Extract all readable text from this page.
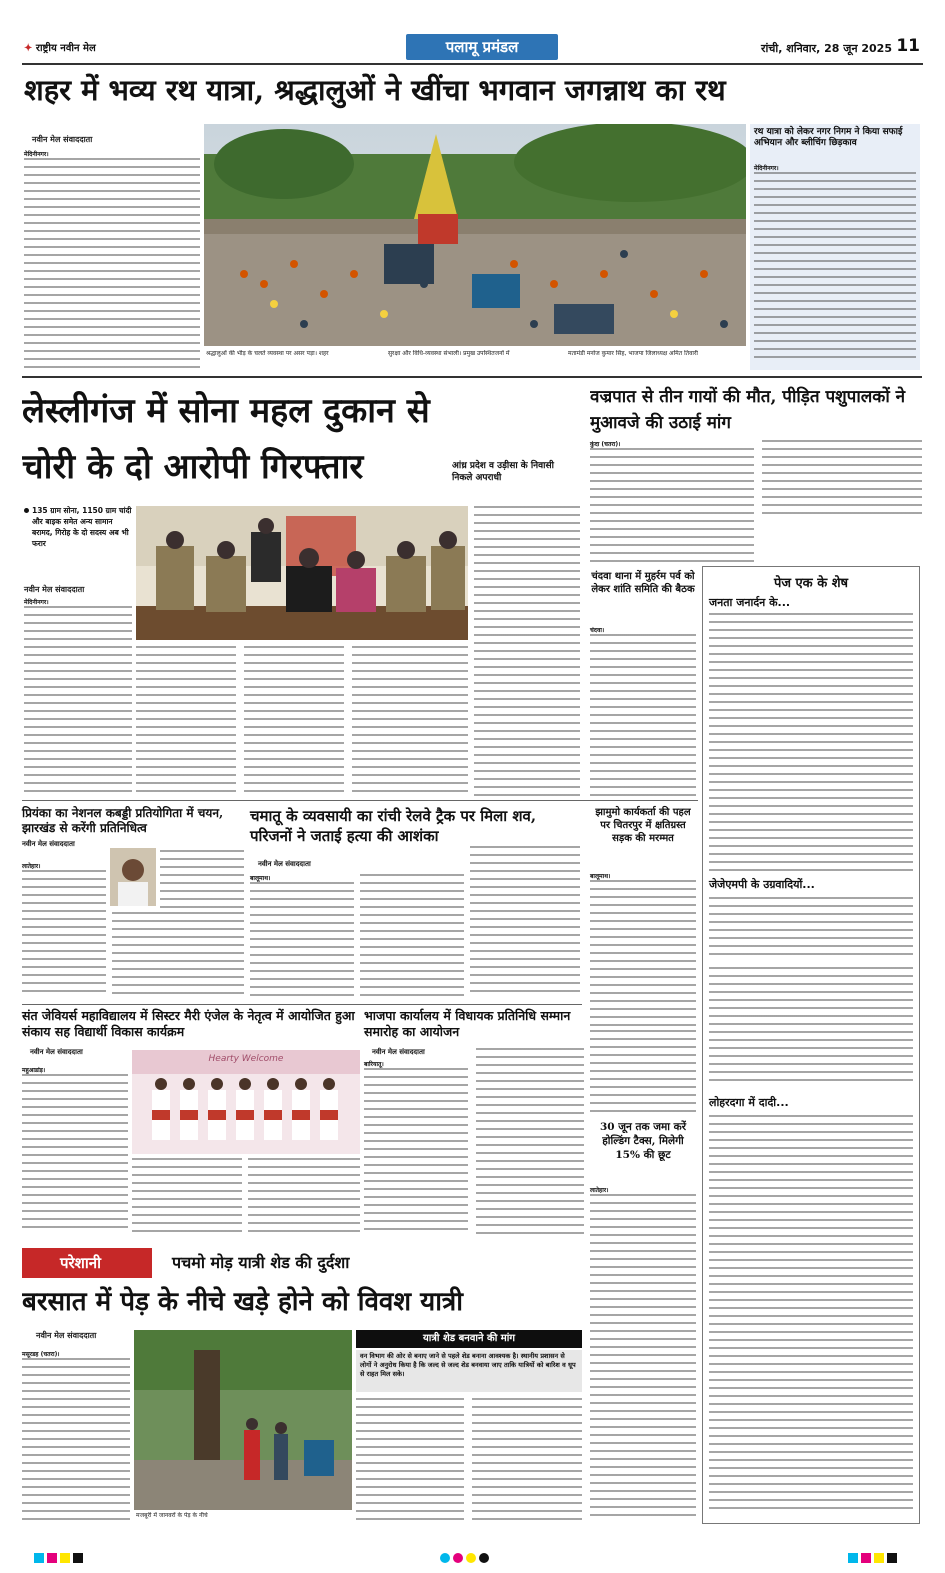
✦ राष्ट्रीय नवीन मेल	पलामू प्रमंडल	रांची, शनिवार, 28 जून 2025 11
शहर में भव्य रथ यात्रा, श्रद्धालुओं ने खींचा भगवान जगन्नाथ का रथ
नवीन मेल संवाददाता
मेदिनीनगर।
श्रद्धालुओं की भीड़ के चलते व्यवस्था पर असर पड़ा। शहर	सुरक्षा और विधि-व्यवस्था संभाली। प्रमुख उपस्थितजनों में	मतामंडी मनोज कुमार सिंह, भाजपा जिलाध्यक्ष अमित तिवारी
रथ यात्रा को लेकर नगर निगम ने किया सफाई अभियान और ब्लीचिंग छिड़काव
मेदिनीनगर।
लेस्लीगंज में सोना महल दुकान से
चोरी के दो आरोपी गिरफ्तार	आंध्र प्रदेश व उड़ीसा के निवासी निकले अपराधी
135 ग्राम सोना, 1150 ग्राम चांदी और बाइक समेत अन्य सामान बरामद, गिरोह के दो सदस्य अब भी फरार
नवीन मेल संवाददाता
मेदिनीनगर।
वज्रपात से तीन गायों की मौत, पीड़ित पशुपालकों ने मुआवजे की उठाई मांग
कुंदा (चतरा)।
चंदवा थाना में मुहर्रम पर्व को लेकर शांति समिति की बैठक
चंदवा।
पेज एक के शेष
जनता जनार्दन के...
जेजेएमपी के उग्रवादियों...
लोहरदगा में दादी...
प्रियंका का नेशनल कबड्डी प्रतियोगिता में चयन, झारखंड से करेंगी प्रतिनिधित्व
नवीन मेल संवाददाता
लातेहार।
चमातू के व्यवसायी का रांची रेलवे ट्रैक पर मिला शव, परिजनों ने जताई हत्या की आशंका
नवीन मेल संवाददाता
बालूमाथ।
झामुमो कार्यकर्ता की पहल पर चितरपुर में क्षतिग्रस्त सड़क की मरम्मत
बालूमाथ।
संत जेवियर्स महाविद्यालय में सिस्टर मैरी एंजेल के नेतृत्व में आयोजित हुआ संकाय सह विद्यार्थी विकास कार्यक्रम
नवीन मेल संवाददाता
महुआडांड़।
Hearty Welcome
भाजपा कार्यालय में विधायक प्रतिनिधि सम्मान समारोह का आयोजन
नवीन मेल संवाददाता
बारियातू।
30 जून तक जमा करें होल्डिंग टैक्स, मिलेगी 15% की छूट
लातेहार।
परेशानी	पचमो मोड़ यात्री शेड की दुर्दशा
बरसात में पेड़ के नीचे खड़े होने को विवश यात्री
नवीन मेल संवाददाता
मसूरडह (चतरा)।
मजबूरी में जानवरों के पेड़ के नीचे
यात्री शेड बनवाने की मांग
वन विभाग की ओर से बनाए जाने से पहले शेड बनाना आवश्यक है। स्थानीय प्रशासन से लोगों ने अनुरोध किया है कि जल्द से जल्द शेड बनवाया जाए ताकि यात्रियों को बारिश व धूप से राहत मिल सके।
